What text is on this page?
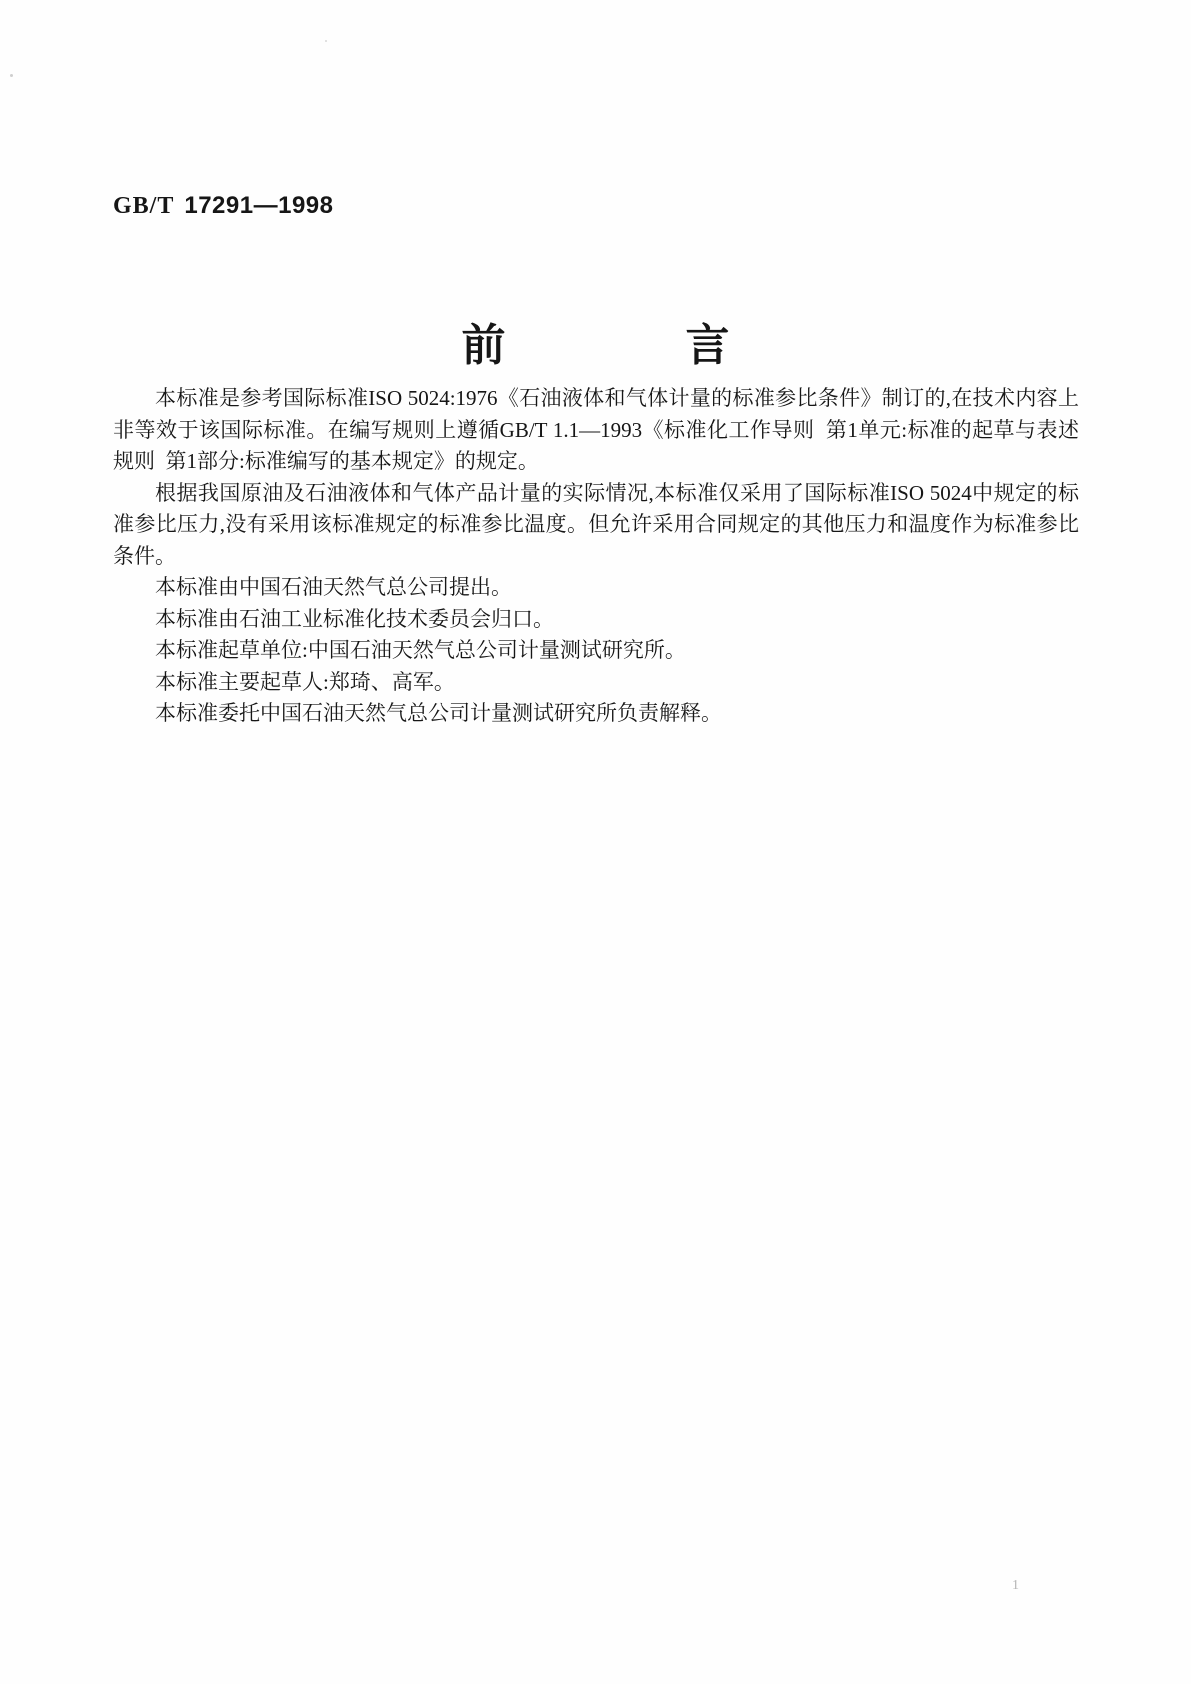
GB/T 17291—1998
前	言

本标准是参考国际标准ISO 5024:1976《石油液体和气体计量的标准参比条件》制订的,在技术内容上非等效于该国际标准。在编写规则上遵循GB/T 1.1—1993《标准化工作导则  第1单元:标准的起草与表述规则  第1部分:标准编写的基本规定》的规定。

根据我国原油及石油液体和气体产品计量的实际情况,本标准仅采用了国际标准ISO 5024中规定的标准参比压力,没有采用该标准规定的标准参比温度。但允许采用合同规定的其他压力和温度作为标准参比条件。

本标准由中国石油天然气总公司提出。

本标准由石油工业标准化技术委员会归口。

本标准起草单位:中国石油天然气总公司计量测试研究所。

本标准主要起草人:郑琦、高军。

本标准委托中国石油天然气总公司计量测试研究所负责解释。

1
